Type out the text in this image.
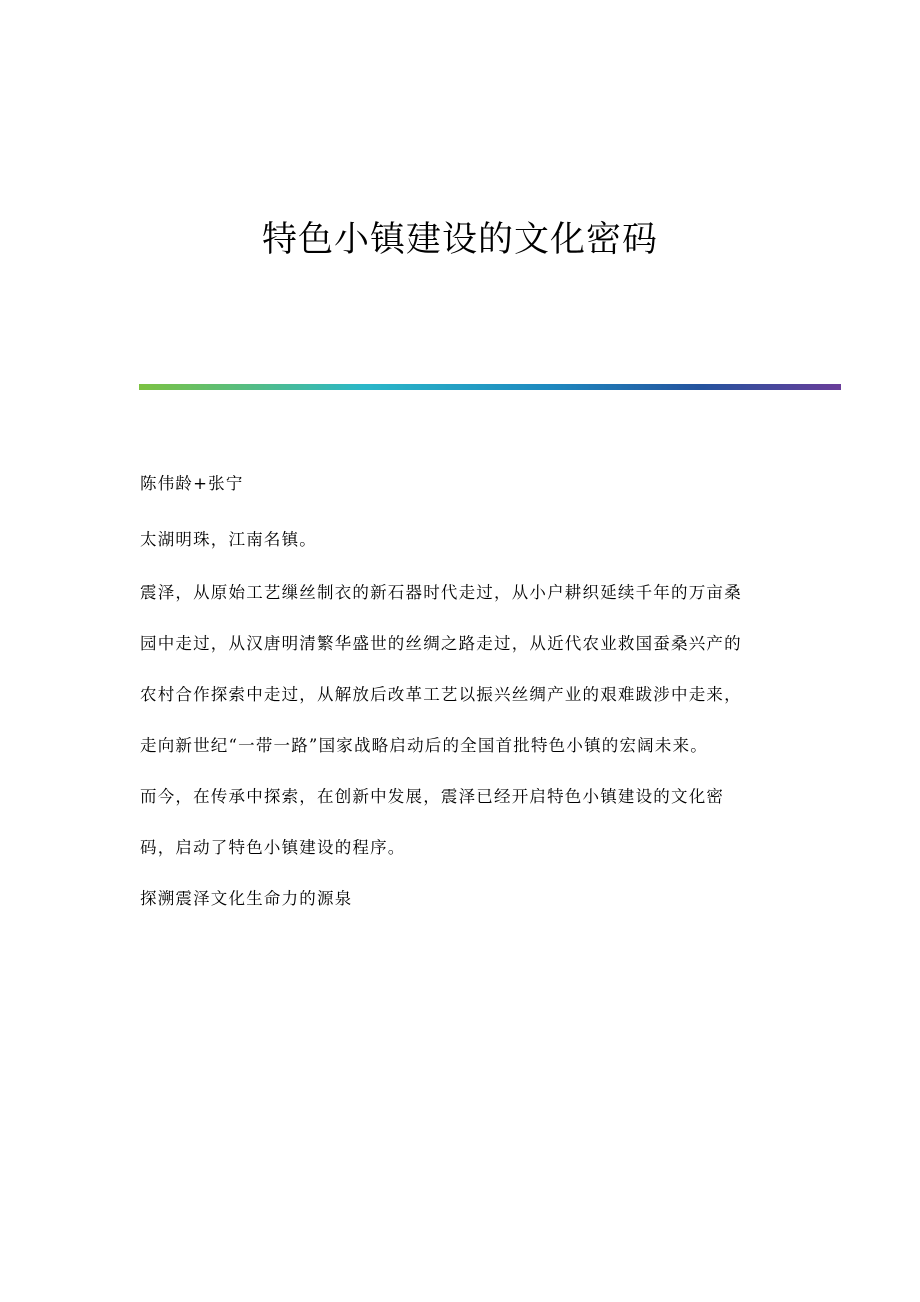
特色小镇建设的文化密码

陈伟龄+张宁

太湖明珠，江南名镇。

震泽，从原始工艺缫丝制衣的新石器时代走过，从小户耕织延续千年的万亩桑
园中走过，从汉唐明清繁华盛世的丝绸之路走过，从近代农业救国蚕桑兴产的
农村合作探索中走过，从解放后改革工艺以振兴丝绸产业的艰难跋涉中走来，
走向新世纪“一带一路”国家战略启动后的全国首批特色小镇的宏阔未来。

而今，在传承中探索，在创新中发展，震泽已经开启特色小镇建设的文化密
码，启动了特色小镇建设的程序。

探溯震泽文化生命力的源泉
